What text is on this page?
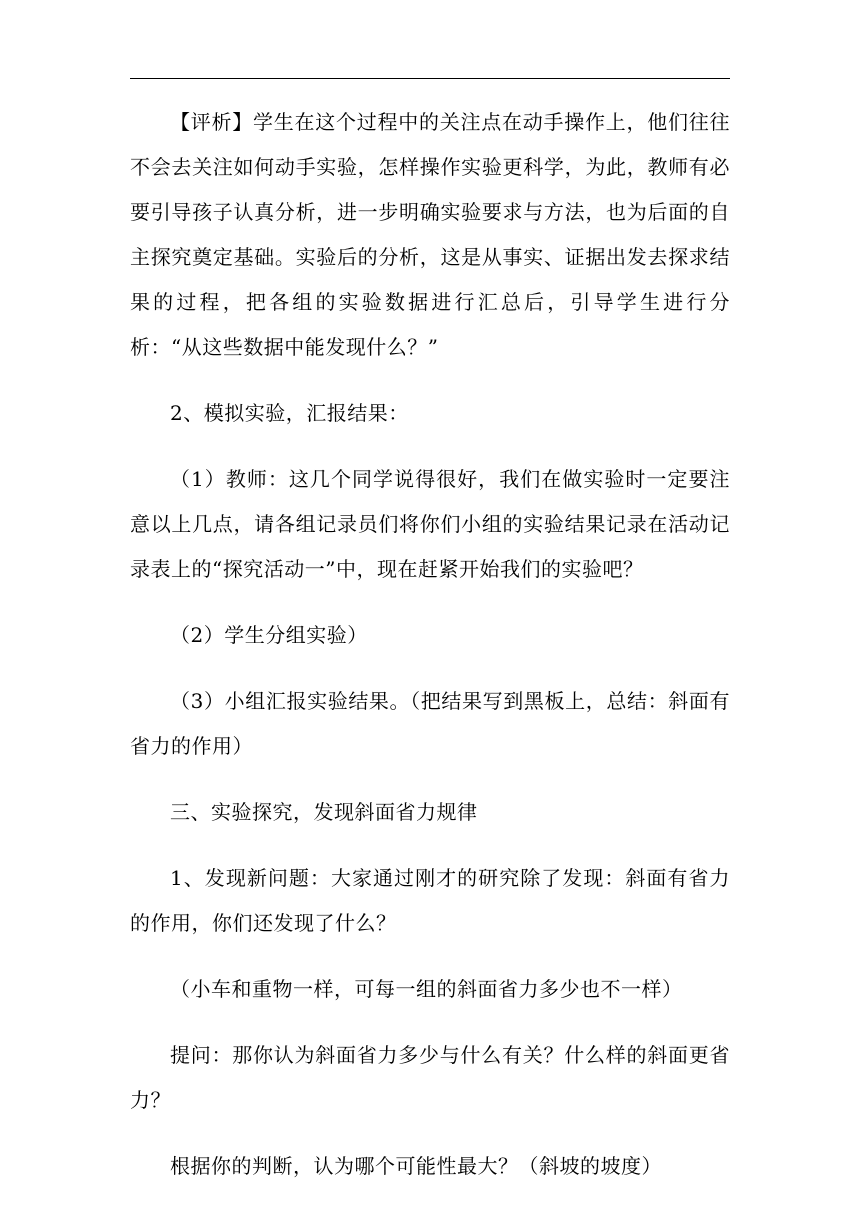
【评析】学生在这个过程中的关注点在动手操作上，他们往往不会去关注如何动手实验，怎样操作实验更科学，为此，教师有必要引导孩子认真分析，进一步明确实验要求与方法，也为后面的自主探究奠定基础。实验后的分析，这是从事实、证据出发去探求结果的过程，把各组的实验数据进行汇总后，引导学生进行分析：“从这些数据中能发现什么？”

2、模拟实验，汇报结果：

（1）教师：这几个同学说得很好，我们在做实验时一定要注意以上几点，请各组记录员们将你们小组的实验结果记录在活动记录表上的“探究活动一”中，现在赶紧开始我们的实验吧？

（2）学生分组实验）

（3）小组汇报实验结果。（把结果写到黑板上，总结：斜面有省力的作用）

三、实验探究，发现斜面省力规律

1、发现新问题：大家通过刚才的研究除了发现：斜面有省力的作用，你们还发现了什么？

（小车和重物一样，可每一组的斜面省力多少也不一样）

提问：那你认为斜面省力多少与什么有关？什么样的斜面更省力？

根据你的判断，认为哪个可能性最大？（斜坡的坡度）
